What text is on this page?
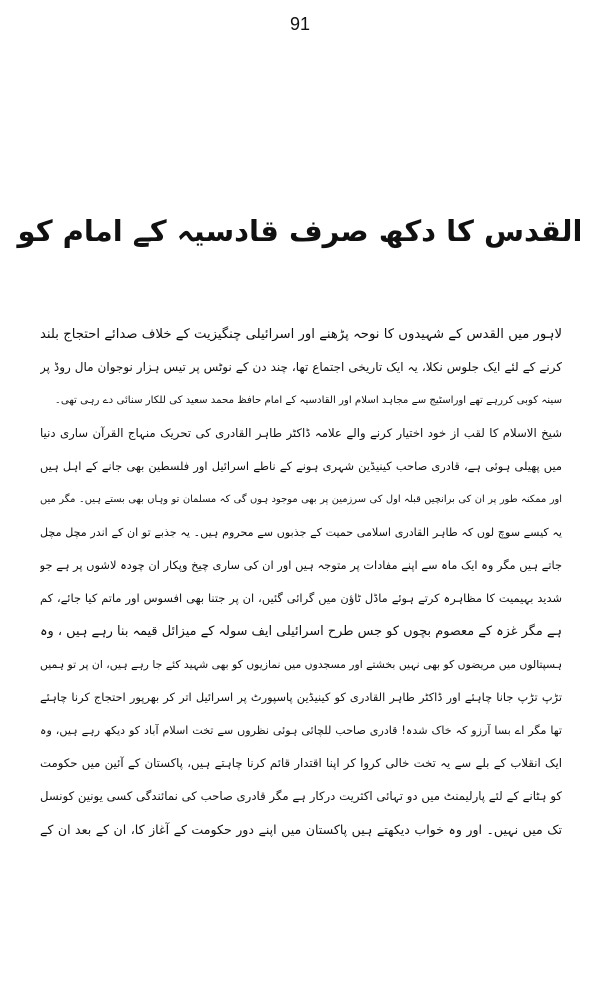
91
القدس کا دکھ صرف قادسیہ کے امام کو
لاہور میں القدس کے شہیدوں کا نوحہ پڑھنے اور اسرائیلی چنگیزیت کے خلاف صدائے احتجاج بلند
کرنے کے لئے ایک جلوس نکلا، یہ ایک تاریخی اجتماع تھا، چند دن کے نوٹس پر تیس ہزار نوجوان مال روڈ پر
سینہ کوبی کررہے تھے اوراسٹیج سے مجاہد اسلام اور القادسیہ کے امام حافظ محمد سعید کی للکار سنائی دے رہی تھی۔
شیخ الاسلام کا لقب از خود اختیار کرنے والے علامہ ڈاکٹر طاہر القادری کی تحریک منہاج القرآن ساری دنیا
میں پھیلی ہوئی ہے، قادری صاحب کینیڈین شہری ہونے کے ناطے اسرائیل اور فلسطین بھی جانے کے اہل ہیں
اور ممکنہ طور پر ان کی برانچیں قبلہ اول کی سرزمین پر بھی موجود ہوں گی کہ مسلمان تو وہاں بھی بستے ہیں۔ مگر میں
یہ کیسے سوچ لوں کہ طاہر القادری اسلامی حمیت کے جذبوں سے محروم ہیں۔ یہ جذبے تو ان کے اندر مچل مچل
جاتے ہیں مگر وہ ایک ماہ سے اپنے مفادات پر متوجہ ہیں اور ان کی ساری چیخ وپکار ان چودہ لاشوں پر ہے جو
شدید بہیمیت کا مظاہرہ کرتے ہوئے ماڈل ٹاؤن میں گرائی گئیں، ان پر جتنا بھی افسوس اور ماتم کیا جائے، کم
ہے مگر غزہ کے معصوم بچوں کو جس طرح اسرائیلی ایف سولہ کے میزائل قیمہ بنا رہے ہیں ، وہ
ہسپتالوں میں مریضوں کو بھی نہیں بخشتے اور مسجدوں میں نمازیوں کو بھی شہید کئے جا رہے ہیں، ان پر تو ہمیں
تڑپ تڑپ جانا چاہئے اور ڈاکٹر طاہر القادری کو کینیڈین پاسپورٹ پر اسرائیل اتر کر بھرپور احتجاج کرنا چاہئے
تھا مگر اے بسا آرزو کہ خاک شدہ! قادری صاحب للچائی ہوئی نظروں سے تخت اسلام آباد کو دیکھ رہے ہیں، وہ
ایک انقلاب کے بلے سے یہ تخت خالی کروا کر اپنا اقتدار قائم کرنا چاہتے ہیں، پاکستان کے آئین میں حکومت
کو ہٹانے کے لئے پارلیمنٹ میں دو تہائی اکثریت درکار ہے مگر قادری صاحب کی نمائندگی کسی یونین کونسل
تک میں نہیں۔ اور وہ خواب دیکھتے ہیں پاکستان میں اپنے دور حکومت کے آغاز کا، ان کے بعد ان کے
